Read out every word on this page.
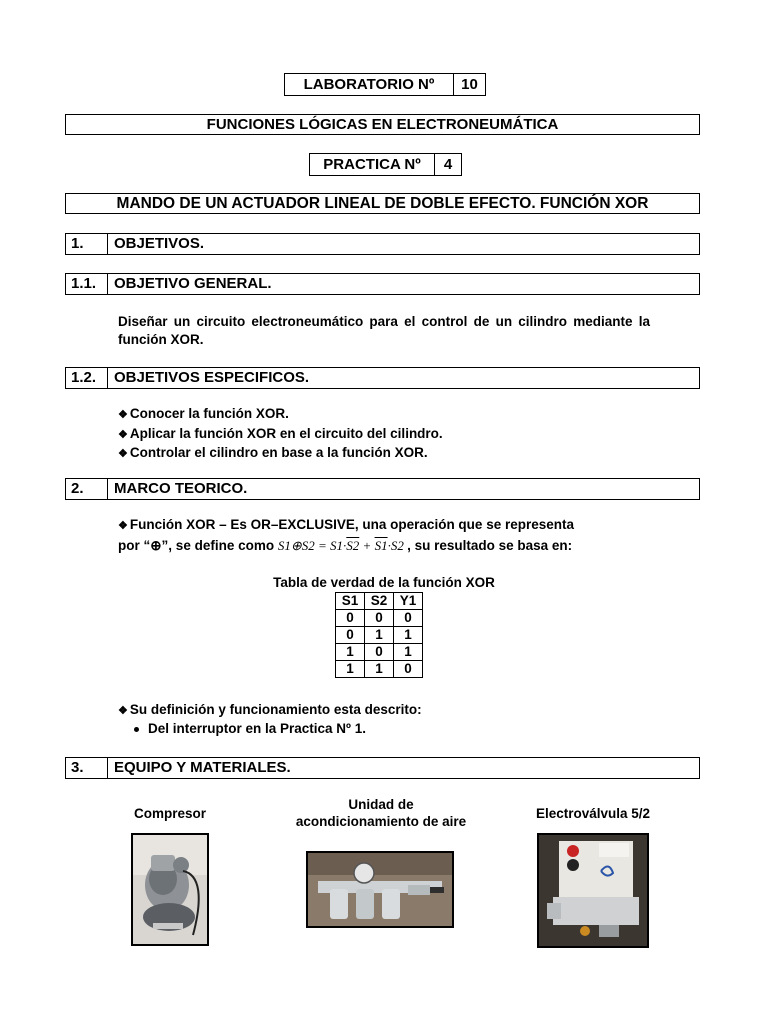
LABORATORIO Nº	10
FUNCIONES LÓGICAS EN ELECTRONEUMÁTICA
PRACTICA Nº	4
MANDO DE UN ACTUADOR LINEAL DE DOBLE EFECTO. FUNCIÓN XOR
1.	OBJETIVOS.
1.1.	OBJETIVO GENERAL.
Diseñar un circuito electroneumático para el control de un cilindro mediante la función XOR.
1.2.	OBJETIVOS ESPECIFICOS.
❖ Conocer la función XOR.
❖ Aplicar la función XOR en el circuito del cilindro.
❖ Controlar el cilindro en base a la función XOR.
2.	MARCO TEORICO.
❖ Función XOR – Es OR–EXCLUSIVE, una operación que se representa
por “⊕”, se define como S1⊕S2 = S1·S2 + S1·S2 , su resultado se basa en:
Tabla de verdad de la función XOR
S1	S2	Y1
0	0	0
0	1	1
1	0	1
1	1	0
❖ Su definición y funcionamiento esta descrito:
Del interruptor en la Practica Nº 1.
3.	EQUIPO Y MATERIALES.
Compresor
Unidad de
acondicionamiento de aire
Electroválvula 5/2
